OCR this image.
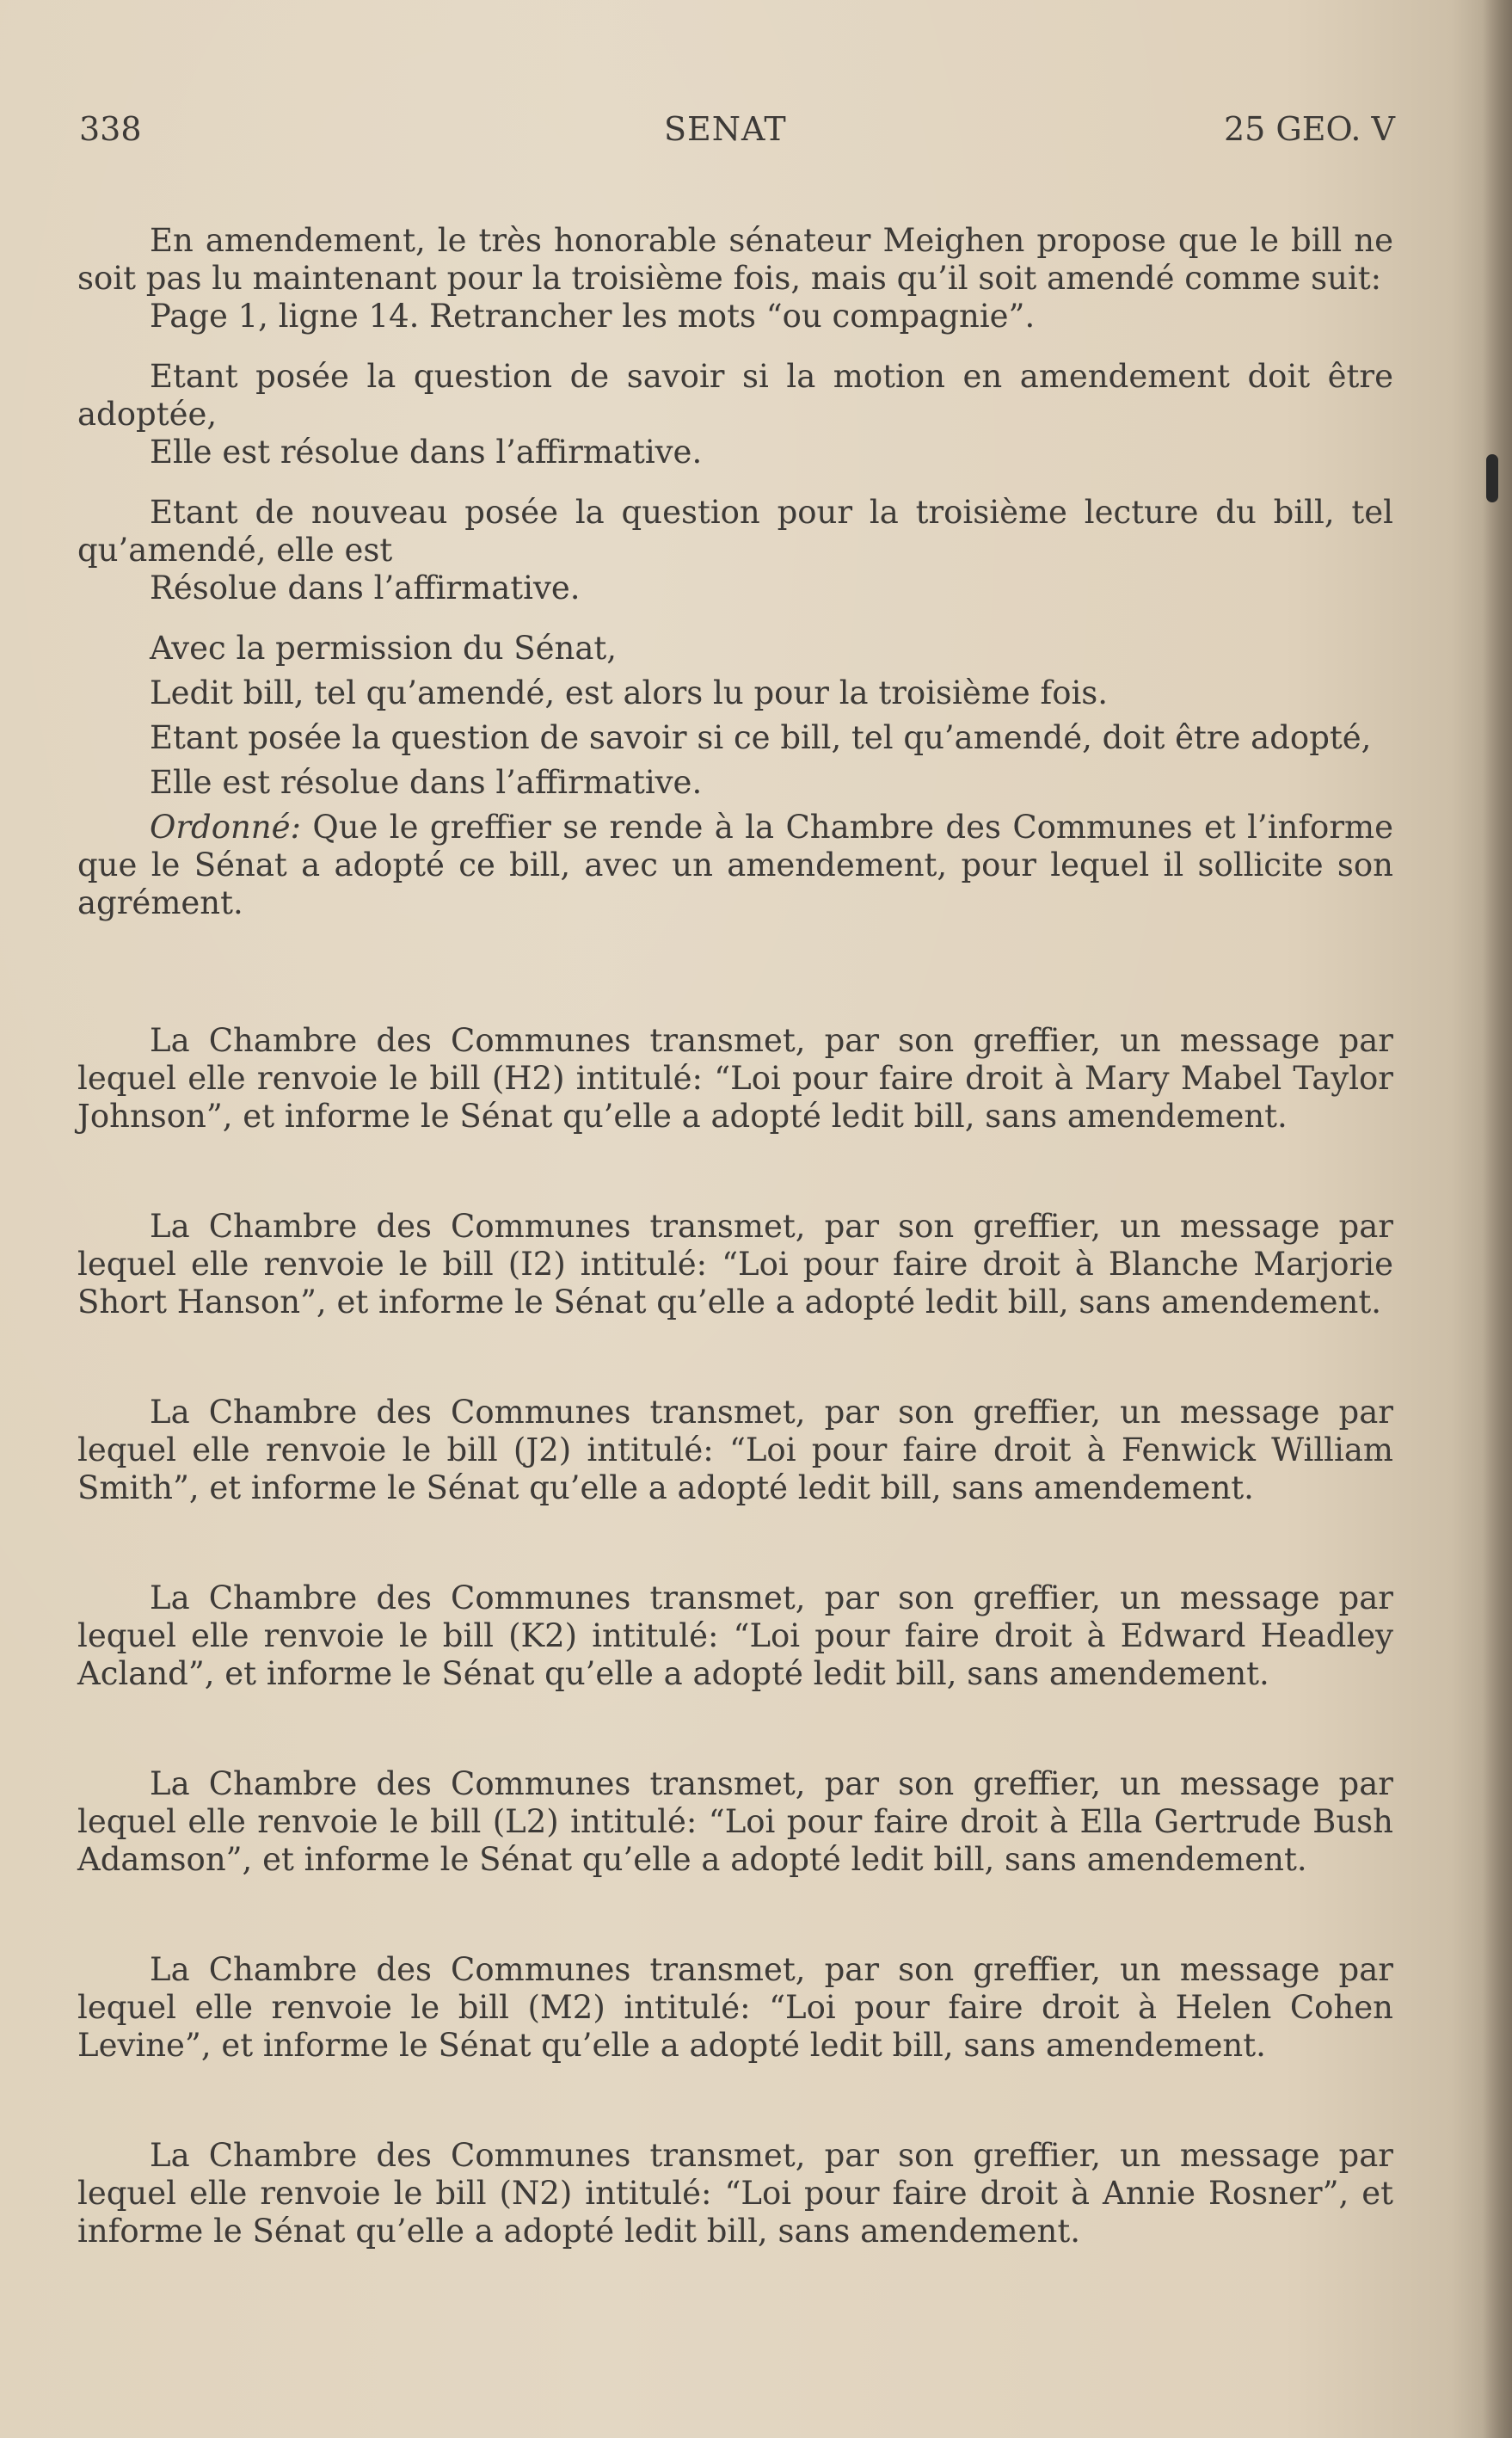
338	SENAT	25 GEO. V

En amendement, le très honorable sénateur Meighen propose que le bill ne soit pas lu maintenant pour la troisième fois, mais qu’il soit amendé comme suit:

Page 1, ligne 14. Retrancher les mots “ou compagnie”.

Etant posée la question de savoir si la motion en amendement doit être adoptée,

Elle est résolue dans l’affirmative.

Etant de nouveau posée la question pour la troisième lecture du bill, tel qu’amendé, elle est

Résolue dans l’affirmative.

Avec la permission du Sénat,

Ledit bill, tel qu’amendé, est alors lu pour la troisième fois.

Etant posée la question de savoir si ce bill, tel qu’amendé, doit être adopté,

Elle est résolue dans l’affirmative.

Ordonné: Que le greffier se rende à la Chambre des Communes et l’informe que le Sénat a adopté ce bill, avec un amendement, pour lequel il sollicite son agrément.

La Chambre des Communes transmet, par son greffier, un message par lequel elle renvoie le bill (H2) intitulé: “Loi pour faire droit à Mary Mabel Taylor Johnson”, et informe le Sénat qu’elle a adopté ledit bill, sans amendement.

La Chambre des Communes transmet, par son greffier, un message par lequel elle renvoie le bill (I2) intitulé: “Loi pour faire droit à Blanche Marjorie Short Hanson”, et informe le Sénat qu’elle a adopté ledit bill, sans amendement.

La Chambre des Communes transmet, par son greffier, un message par lequel elle renvoie le bill (J2) intitulé: “Loi pour faire droit à Fenwick William Smith”, et informe le Sénat qu’elle a adopté ledit bill, sans amendement.

La Chambre des Communes transmet, par son greffier, un message par lequel elle renvoie le bill (K2) intitulé: “Loi pour faire droit à Edward Headley Acland”, et informe le Sénat qu’elle a adopté ledit bill, sans amendement.

La Chambre des Communes transmet, par son greffier, un message par lequel elle renvoie le bill (L2) intitulé: “Loi pour faire droit à Ella Gertrude Bush Adamson”, et informe le Sénat qu’elle a adopté ledit bill, sans amendement.

La Chambre des Communes transmet, par son greffier, un message par lequel elle renvoie le bill (M2) intitulé: “Loi pour faire droit à Helen Cohen Levine”, et informe le Sénat qu’elle a adopté ledit bill, sans amendement.

La Chambre des Communes transmet, par son greffier, un message par lequel elle renvoie le bill (N2) intitulé: “Loi pour faire droit à Annie Rosner”, et informe le Sénat qu’elle a adopté ledit bill, sans amendement.
